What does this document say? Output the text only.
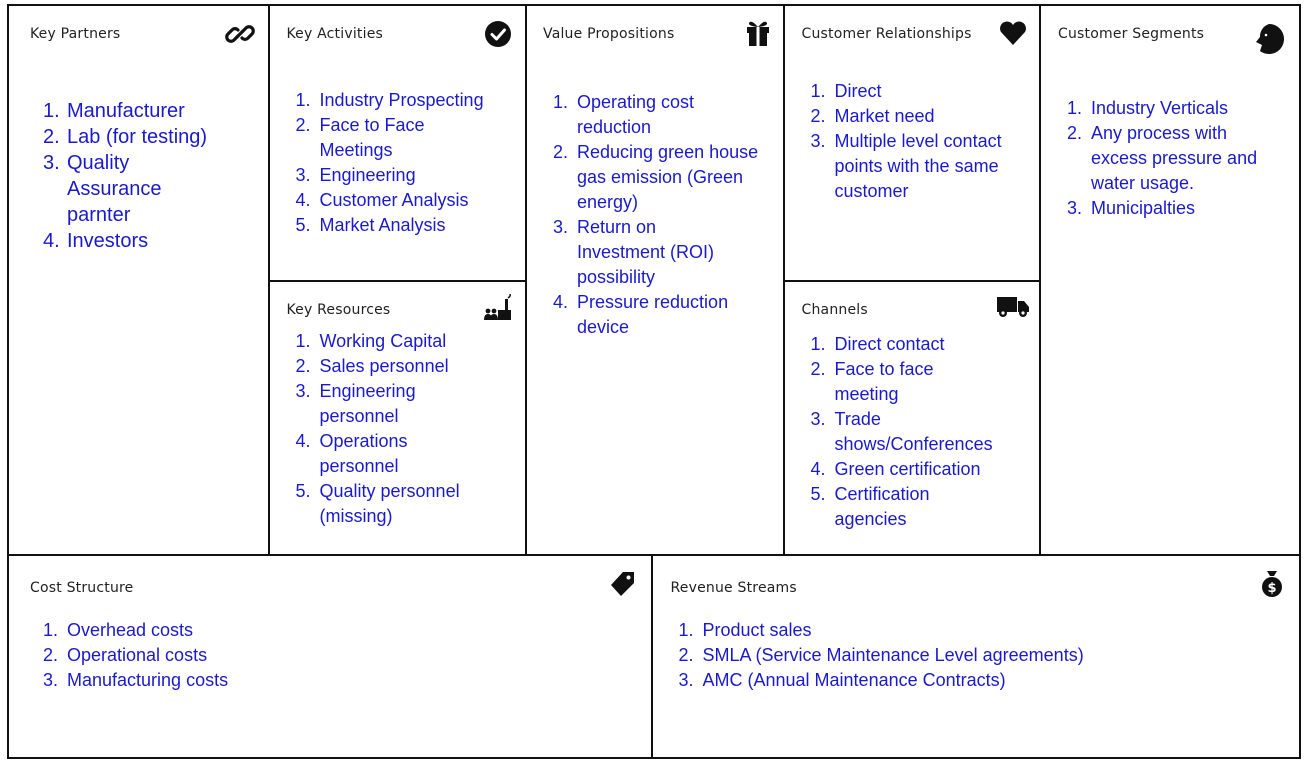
Key Partners
1. Manufacturer
2. Lab (for testing)
3. Quality Assurance parnter
4. Investors
Key Activities
1. Industry Prospecting
2. Face to Face Meetings
3. Engineering
4. Customer Analysis
5. Market Analysis
Key Resources
1. Working Capital
2. Sales personnel
3. Engineering personnel
4. Operations personnel
5. Quality personnel (missing)
Value Propositions
1. Operating cost reduction
2. Reducing green house gas emission (Green energy)
3. Return on Investment (ROI) possibility
4. Pressure reduction device
Customer Relationships
1. Direct
2. Market need
3. Multiple level contact points with the same customer
Channels
1. Direct contact
2. Face to face meeting
3. Trade shows/Conferences
4. Green certification
5. Certification agencies
Customer Segments
1. Industry Verticals
2. Any process with excess pressure and water usage.
3. Municipalties
Cost Structure
1. Overhead costs
2. Operational costs
3. Manufacturing costs
Revenue Streams	$
1. Product sales
2. SMLA (Service Maintenance Level agreements)
3. AMC (Annual Maintenance Contracts)
